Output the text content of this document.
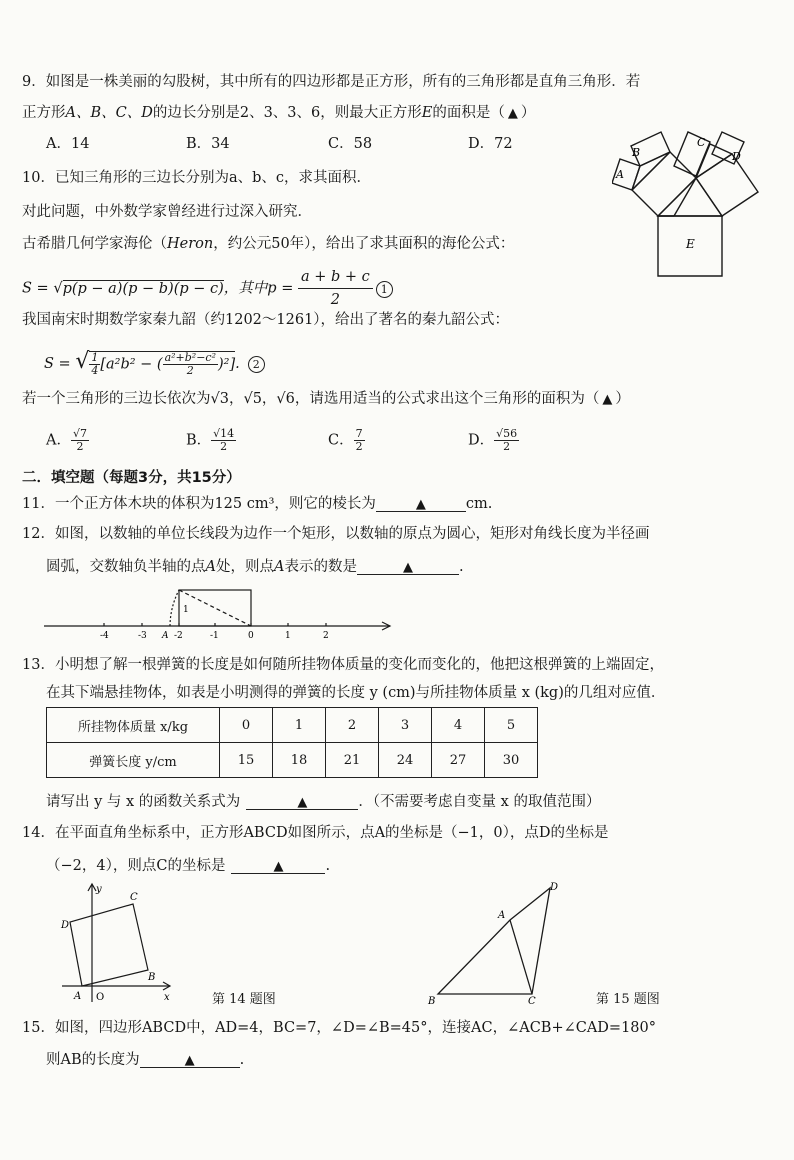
9．如图是一株美丽的勾股树，其中所有的四边形都是正方形，所有的三角形都是直角三角形．若
正方形A、B、C、D的边长分别是2、3、3、6，则最大正方形E的面积是（ ▲ ）
A．14	B．34	C．58	D．72
A
B
C
D
E
10．已知三角形的三边长分别为a、b、c，求其面积．
对此问题，中外数学家曾经进行过深入研究．
古希腊几何学家海伦（Heron，约公元50年），给出了求其面积的海伦公式：
S = √p(p − a)(p − b)(p − c)，其中$p = \frac{a + b + c}{2} 1$
我国南宋时期数学家秦九韶（约1202～1261），给出了著名的秦九韶公式：
S = √ $\frac{1}{4} [a^2b^2$ − ( $\frac{\text{a²+b²−c²}}{2} )^2$]. 2
若一个三角形的三边长依次为√3，√5，√6，请选用适当的公式求出这个三角形的面积为（ ▲ ）
A． $\frac{√7}{2}$	B． $\frac{√14}{2}$	C． $\frac{7}{2}$	D． $\frac{√56}{2}$
二．填空题（每题3分，共15分）
11．一个正方体木块的体积为125 cm³，则它的棱长为	▲	cm.
12．如图，以数轴的单位长线段为边作一个矩形，以数轴的原点为圆心，矩形对角线长度为半径画
圆弧，交数轴负半轴的点A处，则点A表示的数是	▲	.
-4	-3 A -2	-1	0	1	2
1
13．小明想了解一根弹簧的长度是如何随所挂物体质量的变化而变化的，他把这根弹簧的上端固定，
在其下端悬挂物体，如表是小明测得的弹簧的长度 y (cm)与所挂物体质量 x (kg)的几组对应值．
所挂物体质量 x/kg	0	1	2	3	4	5
弹簧长度 y/cm	15	18	21	24	27	30
请写出 y 与 x 的函数关系式为	▲	．（不需要考虑自变量 x 的取值范围）
14．在平面直角坐标系中，正方形ABCD如图所示，点A的坐标是（−1，0），点D的坐标是
（−2，4），则点C的坐标是	▲	.
y
x
O
A
B
C
D
第 14 题图	B	C
A
D
第 15 题图
15．如图，四边形ABCD中，AD=4，BC=7，∠D=∠B=45°，连接AC，∠ACB+∠CAD=180°
则AB的长度为	▲	.
